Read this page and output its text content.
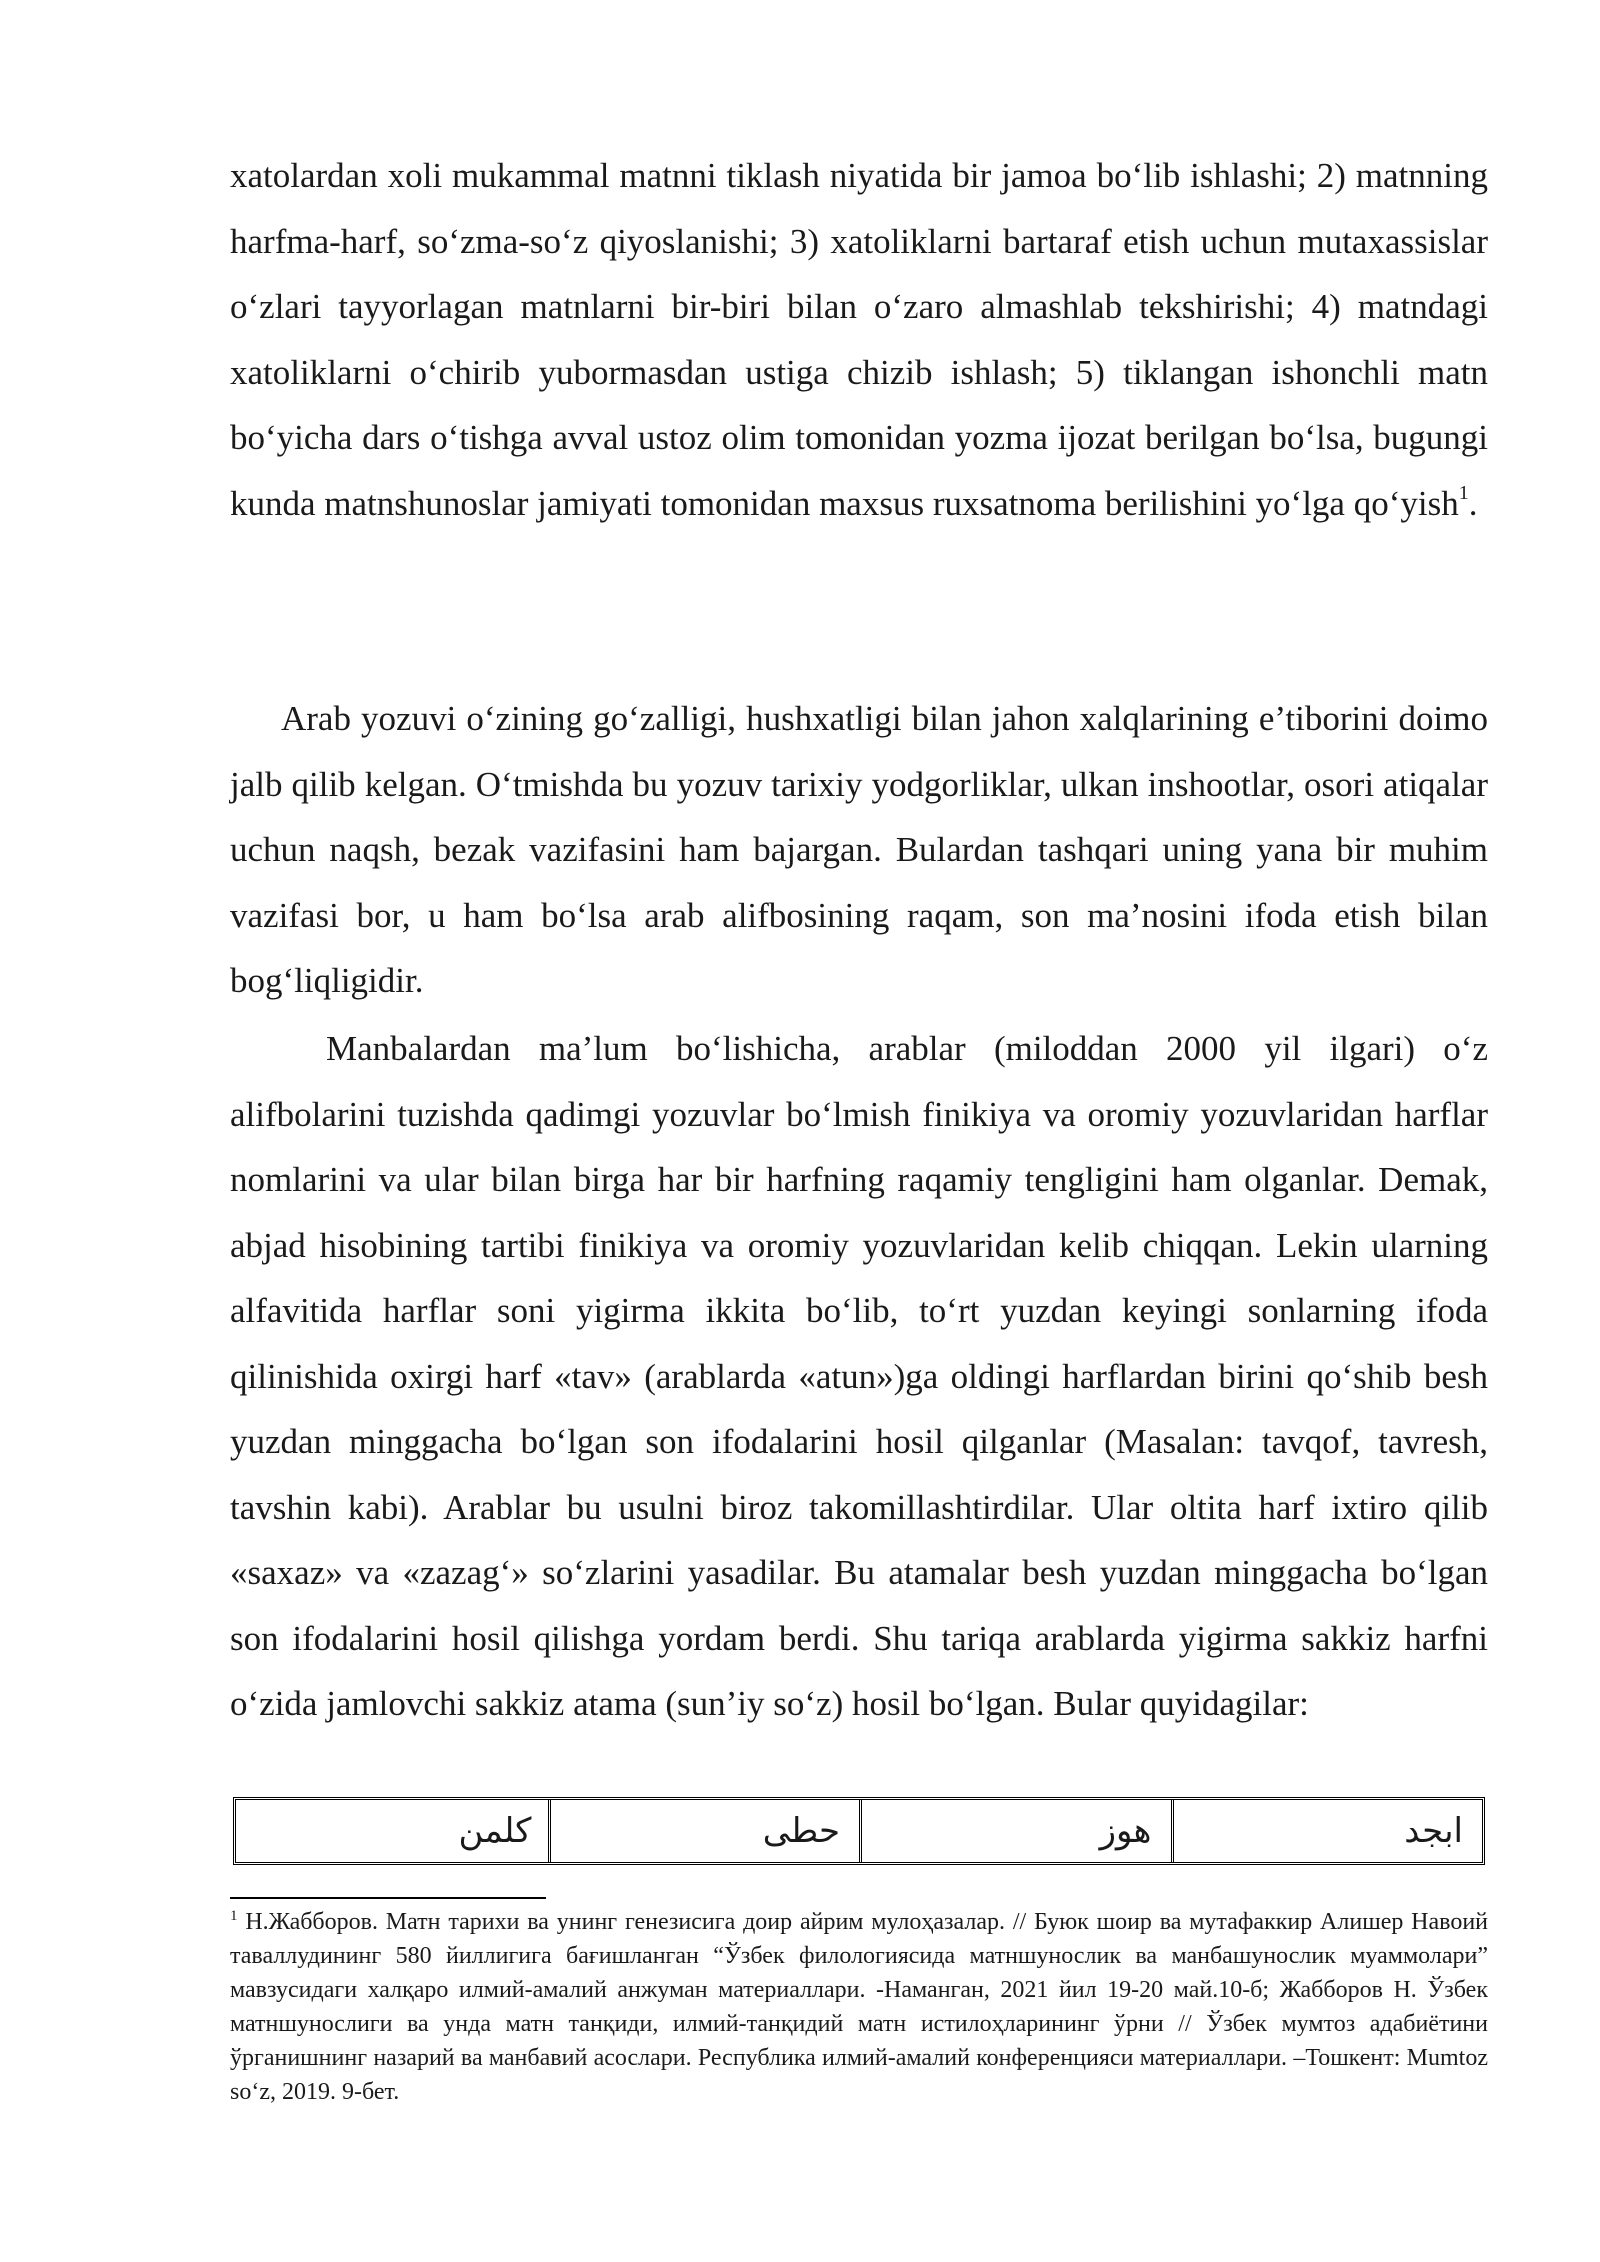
xatolardan xoli mukammal matnni tiklash niyatida bir jamoa bo‘lib ishlashi; 2) matnning harfma-harf, so‘zma-so‘z qiyoslanishi; 3) xatoliklarni bartaraf etish uchun mutaxassislar o‘zlari tayyorlagan matnlarni bir-biri bilan o‘zaro almashlab tekshirishi; 4) matndagi xatoliklarni o‘chirib yubormasdan ustiga chizib ishlash; 5) tiklangan ishonchli matn bo‘yicha dars o‘tishga avval ustoz olim tomonidan yozma ijozat berilgan bo‘lsa, bugungi kunda matnshunoslar jamiyati tomonidan maxsus ruxsatnoma berilishini yo‘lga qo‘yish$^1$.

Arab yozuvi o‘zining go‘zalligi, hushxatligi bilan jahon xalqlarining e’tiborini doimo jalb qilib kelgan. O‘tmishda bu yozuv tarixiy yodgorliklar, ulkan inshootlar, osori atiqalar uchun naqsh, bezak vazifasini ham bajargan. Bulardan tashqari uning yana bir muhim vazifasi bor, u ham bo‘lsa arab alifbosining raqam, son ma’nosini ifoda etish bilan bog‘liqligidir.

Manbalardan ma’lum bo‘lishicha, arablar (miloddan 2000 yil ilgari) o‘z alifbolarini tuzishda qadimgi yozuvlar bo‘lmish finikiya va oromiy yozuvlaridan harflar nomlarini va ular bilan birga har bir harfning raqamiy tengligini ham olganlar. Demak, abjad hisobining tartibi finikiya va oromiy yozuvlaridan kelib chiqqan. Lekin ularning alfavitida harflar soni yigirma ikkita bo‘lib, to‘rt yuzdan keyingi sonlarning ifoda qilinishida oxirgi harf «tav» (arablarda «atun»)ga oldingi harflardan birini qo‘shib besh yuzdan minggacha bo‘lgan son ifodalarini hosil qilganlar (Masalan: tavqof, tavresh, tavshin kabi). Arablar bu usulni biroz takomillashtirdilar. Ular oltita harf ixtiro qilib «saxaz» va «zazag‘» so‘zlarini yasadilar. Bu atamalar besh yuzdan minggacha bo‘lgan son ifodalarini hosil qilishga yordam berdi. Shu tariqa arablarda yigirma sakkiz harfni o‘zida jamlovchi sakkiz atama (sun’iy so‘z) hosil bo‘lgan. Bular quyidagilar:

كلمن	حطى	هوز	ابجد

$^1$ Н.Жабборов. Матн тарихи ва унинг генезисига доир айрим мулоҳазалар. // Буюк шоир ва мутафаккир Алишер Навоий таваллудининг 580 йиллигига бағишланган “Ўзбек филологиясида матншунослик ва манбашунослик муаммолари” мавзусидаги халқаро илмий-амалий анжуман материаллари. -Наманган, 2021 йил 19-20 май.10-б; Жабборов Н. Ўзбек матншунослиги ва унда матн танқиди, илмий-танқидий матн истилоҳларининг ўрни // Ўзбек мумтоз адабиётини ўрганишнинг назарий ва манбавий асослари. Республика илмий-амалий конференцияси материаллари. –Тошкент: Mumtoz so‘z, 2019. 9-бет.
